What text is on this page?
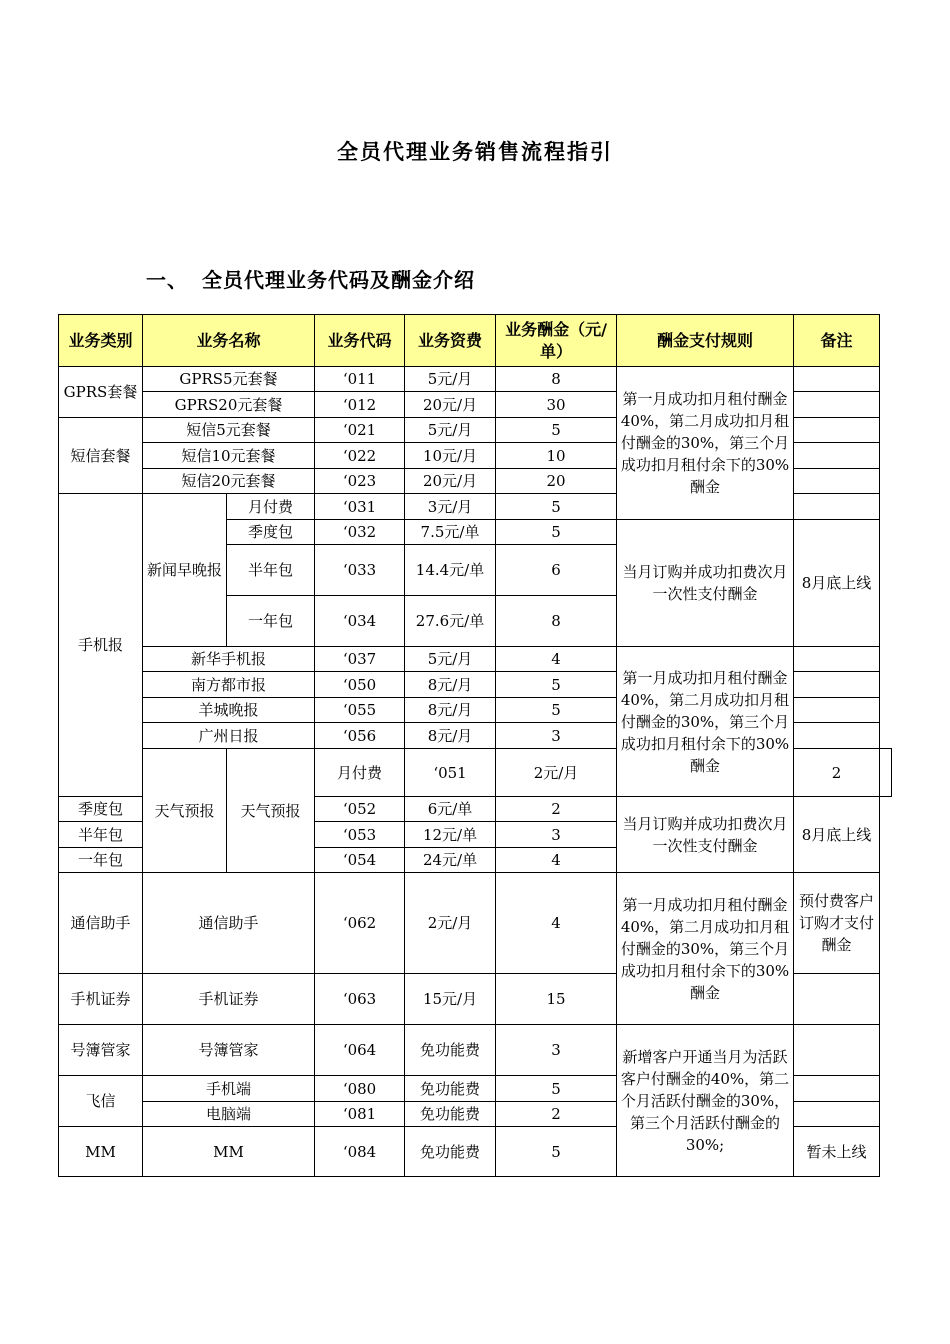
全员代理业务销售流程指引
一、 全员代理业务代码及酬金介绍
业务类别	业务名称		业务代码	业务资费	业务酬金（元/单）	酬金支付规则	备注	
GPRS套餐	GPRS5元套餐		‘011	5元/月	8	第一月成功扣月租付酬金40%，第二月成功扣月租付酬金的30%，第三个月成功扣月租付余下的30%酬金		
	GPRS20元套餐		‘012	20元/月	30			
短信套餐	短信5元套餐		‘021	5元/月	5			
	短信10元套餐		‘022	10元/月	10			
	短信20元套餐		‘023	20元/月	20			
手机报	新闻早晚报	月付费	‘031	3元/月	5			
		季度包	‘032	7.5元/单	5	当月订购并成功扣费次月一次性支付酬金	8月底上线	
		半年包	‘033	14.4元/单	6			
		一年包	‘034	27.6元/单	8			
	新华手机报		‘037	5元/月	4	第一月成功扣月租付酬金40%，第二月成功扣月租付酬金的30%，第三个月成功扣月租付余下的30%酬金		
	南方都市报		‘050	8元/月	5			
	羊城晚报		‘055	8元/月	5			
	广州日报		‘056	8元/月	3			
	天气预报	天气预报	月付费	‘051	2元/月		2	
季度包			‘052	6元/单	2	当月订购并成功扣费次月一次性支付酬金	8月底上线	
半年包			‘053	12元/单	3			
一年包			‘054	24元/单	4			
通信助手	通信助手		‘062	2元/月	4	第一月成功扣月租付酬金40%，第二月成功扣月租付酬金的30%，第三个月成功扣月租付余下的30%酬金	预付费客户订购才支付酬金	
手机证券	手机证券		‘063	15元/月	15			
号簿管家	号簿管家		‘064	免功能费	3	新增客户开通当月为活跃客户付酬金的40%，第二个月活跃付酬金的30%，第三个月活跃付酬金的30%;		
飞信	手机端		‘080	免功能费	5			
	电脑端		‘081	免功能费	2			
MM	MM		‘084	免功能费	5		暂未上线	
